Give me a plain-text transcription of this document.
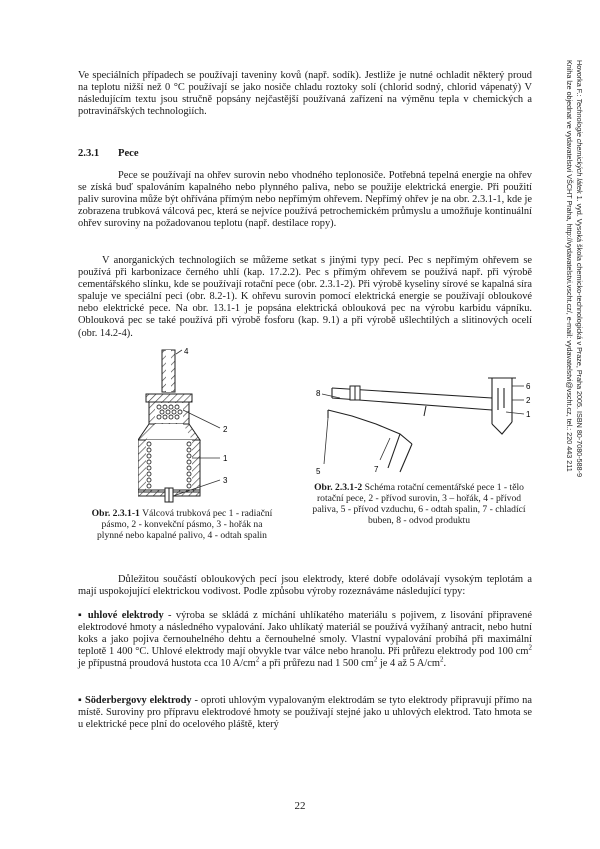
Ve speciálních případech se používají taveniny kovů (např. sodík). Jestliže je nutné ochladit některý proud na teplotu nižší než 0 °C používají se jako nosiče chladu roztoky solí (chlorid sodný, chlorid vápenatý) V následujícím textu jsou stručně popsány nejčastější používaná zařízení na výměnu tepla v chemických a potravinářských technologiích.

2.3.1 Pece

Pece se používají na ohřev surovin nebo vhodného teplonosiče. Potřebná tepelná energie na ohřev se získá buď spalováním kapalného nebo plynného paliva, nebo se použije elektrická energie. Při použití paliv surovina může být ohřívána přímým nebo nepřímým ohřevem. Nepřímý ohřev je na obr. 2.3.1-1, kde je zobrazena trubková válcová pec, která se nejvíce používá petrochemickém průmyslu a umožňuje kontinuální ohřev suroviny na požadovanou teplotu (např. destilace ropy).

V anorganických technologiích se můžeme setkat s jinými typy pecí. Pec s nepřímým ohřevem se používá při karbonizace černého uhlí (kap. 17.2.2). Pec s přímým ohřevem se používá např. při výrobě cementářského slínku, kde se používají rotační pece (obr. 2.3.1-2). Při výrobě kyseliny sírové se kapalná síra spaluje ve speciální peci (obr. 8.2-1). K ohřevu surovin pomocí elektrická energie se používají obloukové nebo elektrické pece. Na obr. 13.1-1 je popsána elektrická oblouková pec na výrobu karbidu vápníku. Oblouková pec se také používá při výrobě fosforu (kap. 9.1) a při výrobě ušlechtilých a slitinových ocelí (obr. 14.2-4).

4
1
2
3

Obr. 2.3.1-1 Válcová trubková pec 1 - radiační pásmo, 2 - konvekční pásmo, 3 - hořák na plynné nebo kapalné palivo, 4 - odtah spalin

6
2
1
8
5	7

Obr. 2.3.1-2 Schéma rotační cementářské pece 1 - tělo rotační pece, 2 - přívod surovin, 3 – hořák, 4 - přívod paliva, 5 - přívod vzduchu, 6 - odtah spalin, 7 - chladící buben, 8 - odvod produktu

Důležitou součástí obloukových pecí jsou elektrody, které dobře odolávají vysokým teplotám a mají uspokojující elektrickou vodivost. Podle způsobu výroby rozeznáváme následující typy:

▪ uhlové elektrody - výroba se skládá z míchání uhlíkatého materiálu s pojivem, z lisování připravené elektrodové hmoty a následného vypalování. Jako uhlíkatý materiál se používá vyžíhaný antracit, nebo hutní koks a jako pojiva černouhelného dehtu a černouhelné smoly. Vlastní vypalování probíhá při maximální teplotě 1 400 °C. Uhlové elektrody mají obvykle tvar válce nebo hranolu. Při průřezu elektrody pod 100 $cm^2$ je přípustná proudová hustota cca 10 $A/cm^2$ a při průřezu nad 1 500 $cm^2$ je 4 až 5 $A/cm^2$.

▪ Söderbergovy elektrody - oproti uhlovým vypalovaným elektrodám se tyto elektrody připravují přímo na místě. Suroviny pro přípravu elektrodové hmoty se používají stejné jako u uhlových elektrod. Tato hmota se u elektrické pece plní do ocelového pláště, který

Hovorka F.: Technologie chemických látek 1. vyd. Vysoká škola chemicko-technologická v Praze, Praha 2005. ISBN 80-7080-588-9
Kniha lze objednat ve vydavatelství VŠCHT Praha, http://vydavatelstvi.vscht.cz/, e-mail: vydavatelstvi@vscht.cz, tel.: 220 443 211

22
